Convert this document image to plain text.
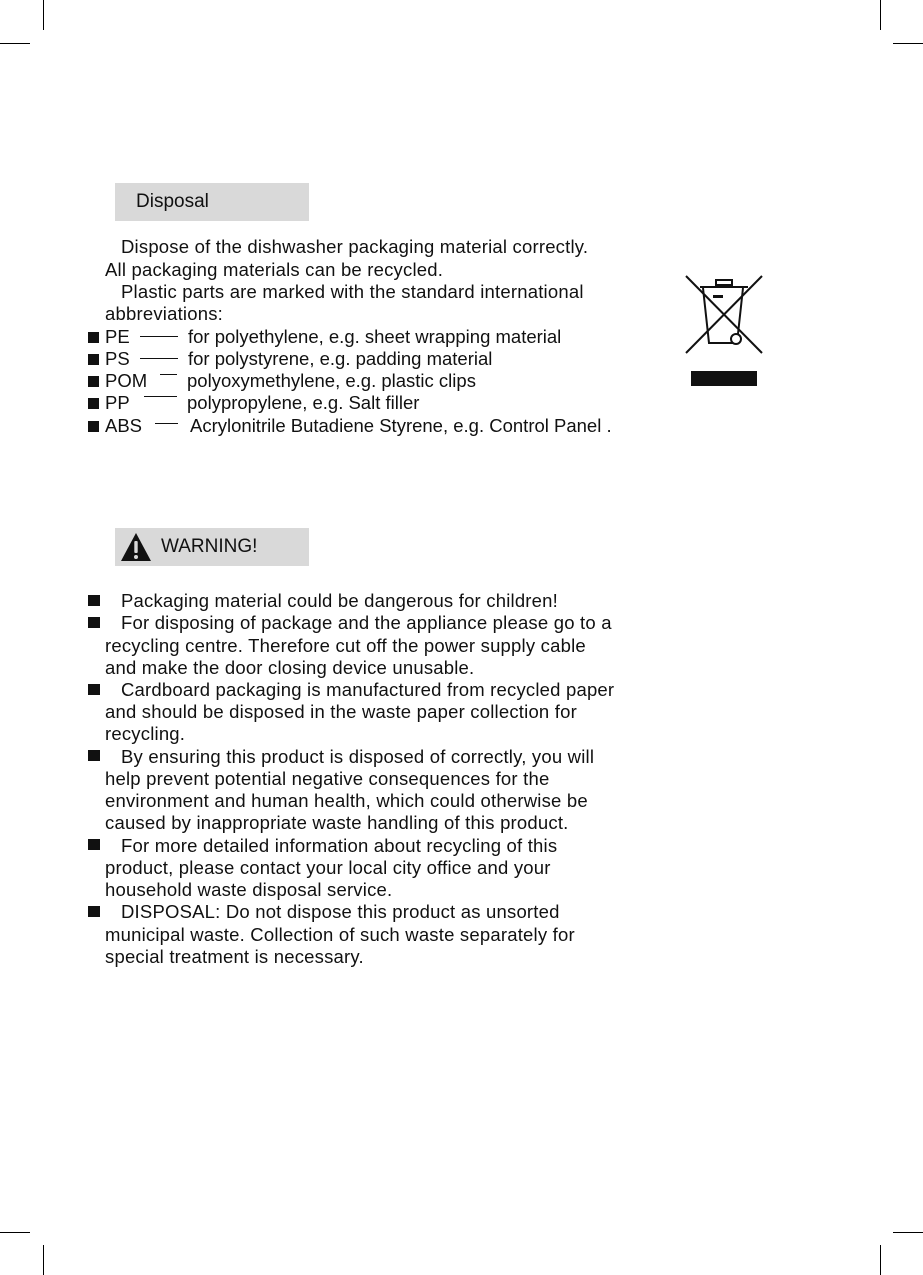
Disposal
Dispose of the dishwasher packaging material correctly.
All packaging materials can be recycled.
Plastic parts are marked with the standard international
abbreviations:
PE	for polyethylene, e.g. sheet wrapping material
PS	for polystyrene, e.g. padding material
POM polyoxymethylene, e.g. plastic clips
PP	polypropylene, e.g. Salt filler
ABS	Acrylonitrile Butadiene Styrene, e.g. Control Panel .
WARNING!
Packaging material could be dangerous for children!
For disposing of package and the appliance please go to a
recycling centre. Therefore cut off the power supply cable
and make the door closing device unusable.
Cardboard packaging is manufactured from recycled paper
and should be disposed in the waste paper collection for
recycling.
By ensuring this product is disposed of correctly, you will
help prevent potential negative consequences for the
environment and human health, which could otherwise be
caused by inappropriate waste handling of this product.
For more detailed information about recycling of this
product, please contact your local city office and your
household waste disposal service.
DISPOSAL: Do not dispose this product as unsorted
municipal waste. Collection of such waste separately for
special treatment is necessary.
